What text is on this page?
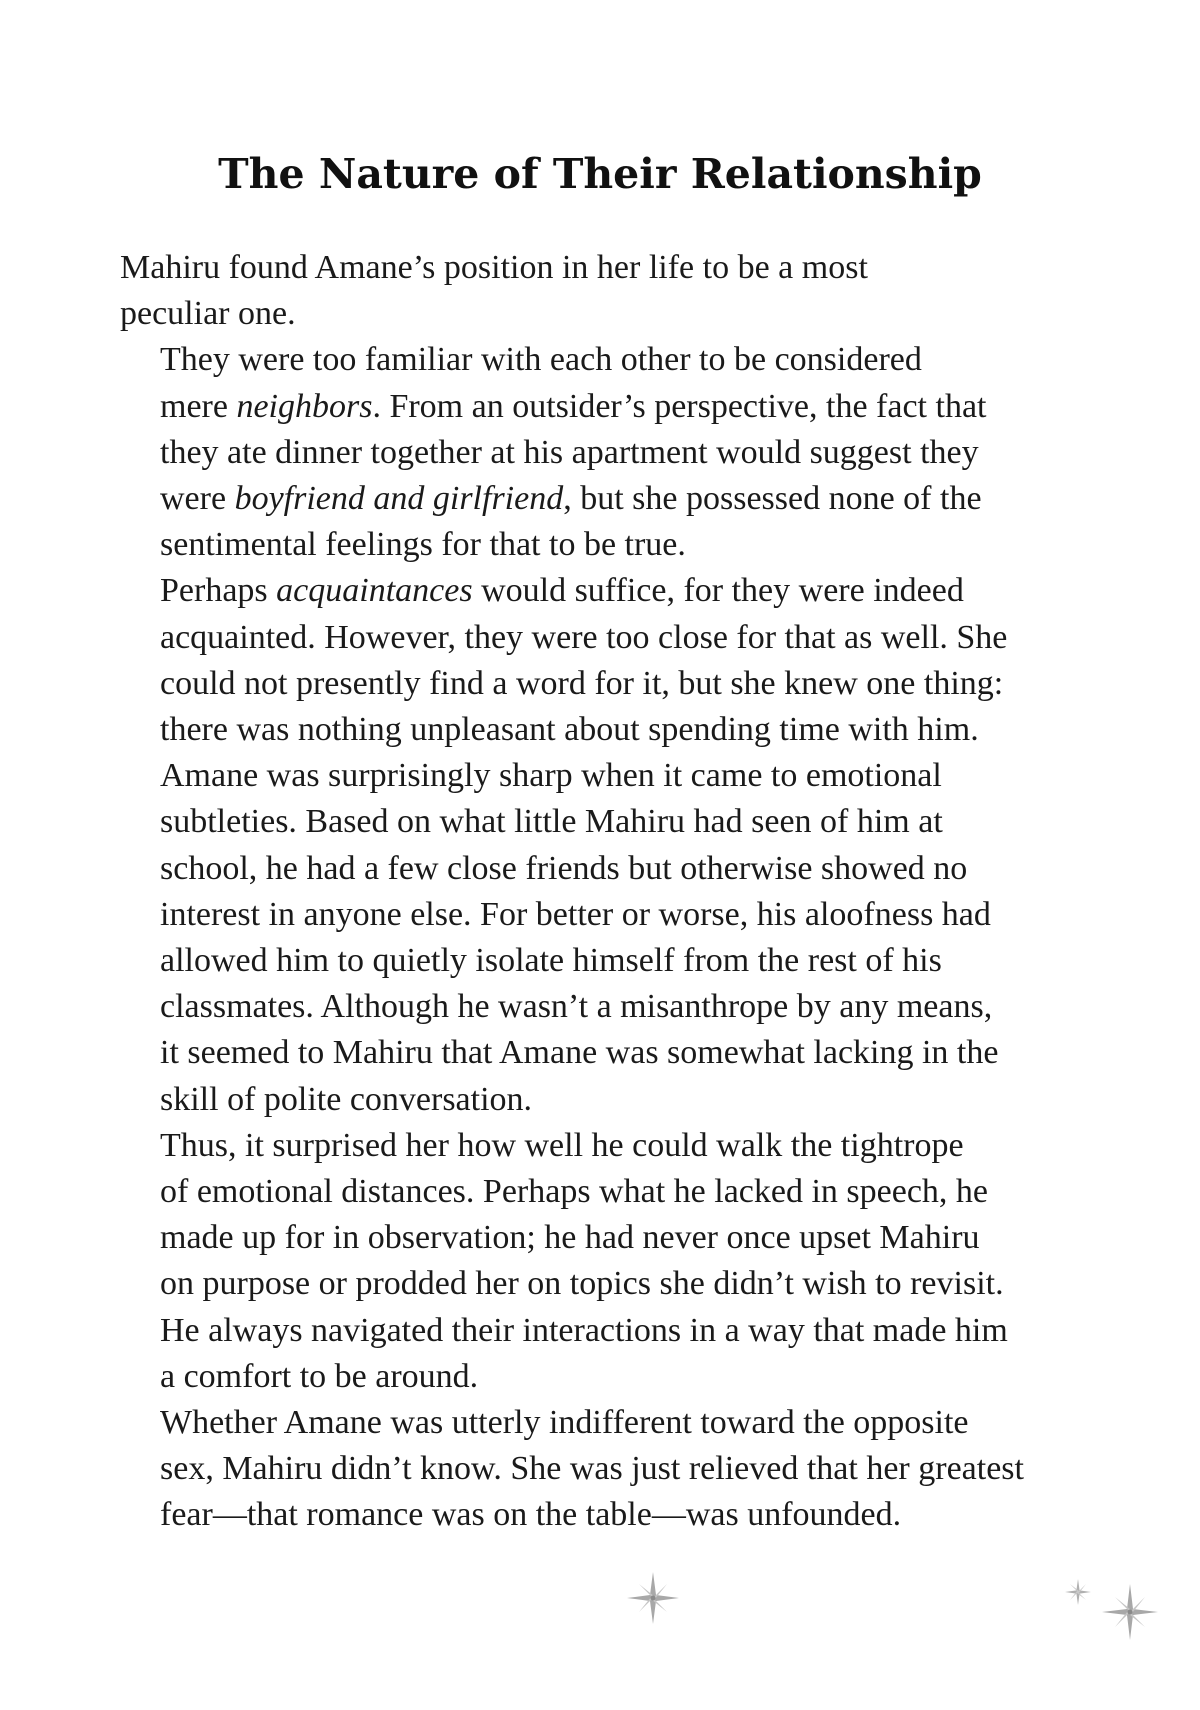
The Nature of Their Relationship

Mahiru found Amane’s position in her life to be a most
peculiar one.

They were too familiar with each other to be considered
mere neighbors. From an outsider’s perspective, the fact that
they ate dinner together at his apartment would suggest they
were boyfriend and girlfriend, but she possessed none of the
sentimental feelings for that to be true.

Perhaps acquaintances would suffice, for they were indeed
acquainted. However, they were too close for that as well. She
could not presently find a word for it, but she knew one thing:
there was nothing unpleasant about spending time with him.

Amane was surprisingly sharp when it came to emotional
subtleties. Based on what little Mahiru had seen of him at
school, he had a few close friends but otherwise showed no
interest in anyone else. For better or worse, his aloofness had
allowed him to quietly isolate himself from the rest of his
classmates. Although he wasn’t a misanthrope by any means,
it seemed to Mahiru that Amane was somewhat lacking in the
skill of polite conversation.

Thus, it surprised her how well he could walk the tightrope
of emotional distances. Perhaps what he lacked in speech, he
made up for in observation; he had never once upset Mahiru
on purpose or prodded her on topics she didn’t wish to revisit.
He always navigated their interactions in a way that made him
a comfort to be around.

Whether Amane was utterly indifferent toward the opposite
sex, Mahiru didn’t know. She was just relieved that her greatest
fear—that romance was on the table—was unfounded.
